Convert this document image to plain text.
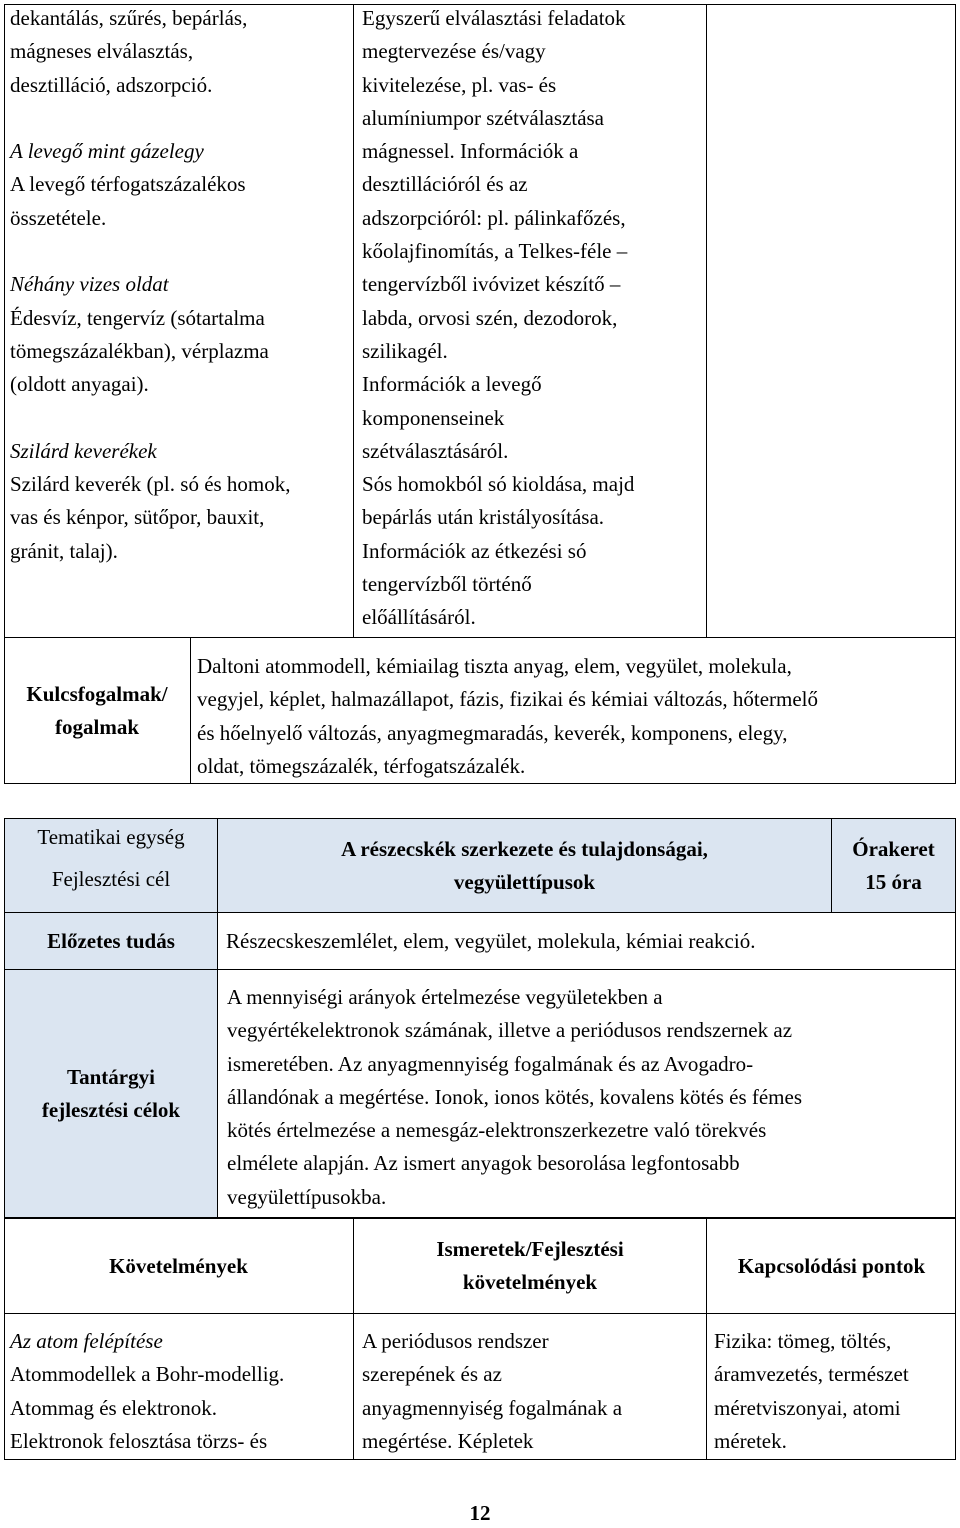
dekantálás, szűrés, bepárlás,
mágneses elválasztás,
desztilláció, adszorpció.

A levegő mint gázelegy
A levegő térfogatszázalékos
összetétele.

Néhány vizes oldat
Édesvíz, tengervíz (sótartalma
tömegszázalékban), vérplazma
(oldott anyagai).

Szilárd keverékek
Szilárd keverék (pl. só és homok,
vas és kénpor, sütőpor, bauxit,
gránit, talaj).
Egyszerű elválasztási feladatok
megtervezése és/vagy
kivitelezése, pl. vas- és
alumíniumpor szétválasztása
mágnessel. Információk a
desztillációról és az
adszorpcióról: pl. pálinkafőzés,
kőolajfinomítás, a Telkes-féle –
tengervízből ivóvizet készítő –
labda, orvosi szén, dezodorok,
szilikagél.
Információk a levegő
komponenseinek
szétválasztásáról.
Sós homokból só kioldása, majd
bepárlás után kristályosítása.
Információk az étkezési só
tengervízből történő
előállításáról.
Kulcsfogalmak/
fogalmak
Daltoni atommodell, kémiailag tiszta anyag, elem, vegyület, molekula,
vegyjel, képlet, halmazállapot, fázis, fizikai és kémiai változás, hőtermelő
és hőelnyelő változás, anyagmegmaradás, keverék, komponens, elegy,
oldat, tömegszázalék, térfogatszázalék.
Tematikai egység
Fejlesztési cél
A részecskék szerkezete és tulajdonságai,
vegyülettípusok
Órakeret
15 óra
Előzetes tudás	Részecskeszemlélet, elem, vegyület, molekula, kémiai reakció.
Tantárgyi
fejlesztési célok
A mennyiségi arányok értelmezése vegyületekben a
vegyértékelektronok számának, illetve a periódusos rendszernek az
ismeretében. Az anyagmennyiség fogalmának és az Avogadro-
állandónak a megértése. Ionok, ionos kötés, kovalens kötés és fémes
kötés értelmezése a nemesgáz-elektronszerkezetre való törekvés
elmélete alapján. Az ismert anyagok besorolása legfontosabb
vegyülettípusokba.
Követelmények
Ismeretek/Fejlesztési
követelmények
Kapcsolódási pontok
Az atom felépítése
Atommodellek a Bohr-modellig.
Atommag és elektronok.
Elektronok felosztása törzs- és
A periódusos rendszer
szerepének és az
anyagmennyiség fogalmának a
megértése. Képletek
Fizika: tömeg, töltés,
áramvezetés, természet
méretviszonyai, atomi
méretek.
12
